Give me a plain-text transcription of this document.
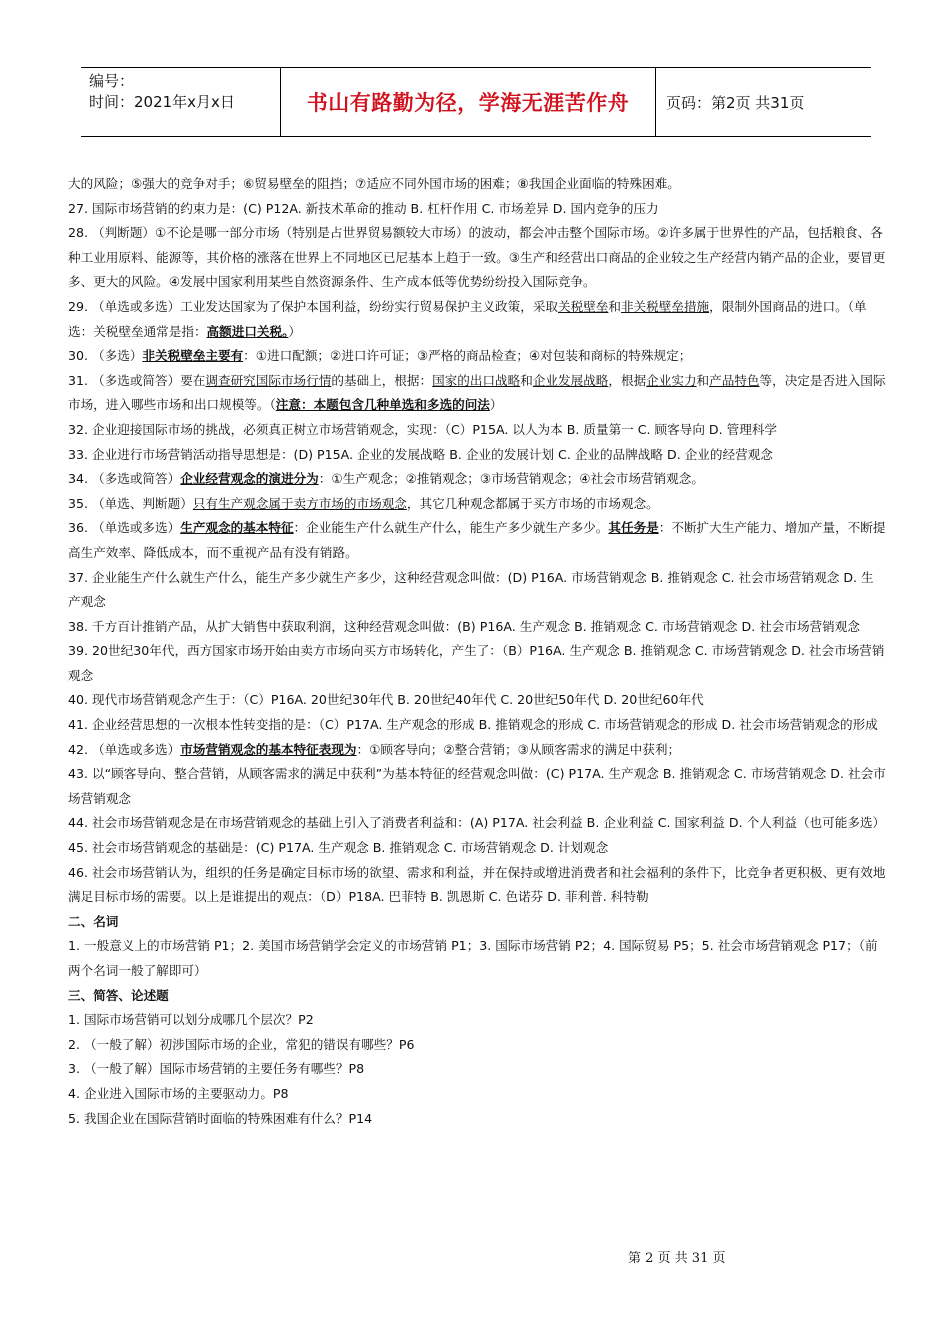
编号：
时间：2021年x月x日	书山有路勤为径，学海无涯苦作舟	页码：第2页 共31页

大的风险；⑤强大的竞争对手；⑥贸易壁垒的阻挡；⑦适应不同外国市场的困难；⑧我国企业面临的特殊困难。

27. 国际市场营销的约束力是：(C) P12A. 新技术革命的推动 B. 杠杆作用 C. 市场差异 D. 国内竞争的压力

28. （判断题）①不论是哪一部分市场（特别是占世界贸易额较大市场）的波动，都会冲击整个国际市场。②许多属于世界性的产品，包括粮食、各种工业用原料、能源等，其价格的涨落在世界上不同地区已尼基本上趋于一致。③生产和经营出口商品的企业较之生产经营内销产品的企业，要冒更多、更大的风险。④发展中国家利用某些自然资源条件、生产成本低等优势纷纷投入国际竞争。

29. （单选或多选）工业发达国家为了保护本国利益，纷纷实行贸易保护主义政策，采取关税壁垒和非关税壁垒措施，限制外国商品的进口。（单选：关税壁垒通常是指：高额进口关税。）

30. （多选）非关税壁垒主要有：①进口配额；②进口许可证；③严格的商品检查；④对包装和商标的特殊规定；

31. （多选或简答）要在调查研究国际市场行情的基础上，根据：国家的出口战略和企业发展战略，根据企业实力和产品特色等，决定是否进入国际市场，进入哪些市场和出口规模等。（注意：本题包含几种单选和多选的问法）

32. 企业迎接国际市场的挑战，必须真正树立市场营销观念，实现：（C）P15A. 以人为本 B. 质量第一 C. 顾客导向 D. 管理科学

33. 企业进行市场营销活动指导思想是：(D) P15A. 企业的发展战略 B. 企业的发展计划 C. 企业的品牌战略 D. 企业的经营观念

34. （多选或简答）企业经营观念的演进分为：①生产观念；②推销观念；③市场营销观念；④社会市场营销观念。

35. （单选、判断题）只有生产观念属于卖方市场的市场观念，其它几种观念都属于买方市场的市场观念。

36. （单选或多选）生产观念的基本特征：企业能生产什么就生产什么，能生产多少就生产多少。其任务是：不断扩大生产能力、增加产量，不断提高生产效率、降低成本，而不重视产品有没有销路。

37. 企业能生产什么就生产什么，能生产多少就生产多少，这种经营观念叫做：(D) P16A. 市场营销观念 B. 推销观念 C. 社会市场营销观念 D. 生产观念

38. 千方百计推销产品，从扩大销售中获取利润，这种经营观念叫做：(B) P16A. 生产观念 B. 推销观念 C. 市场营销观念 D. 社会市场营销观念

39. 20世纪30年代，西方国家市场开始由卖方市场向买方市场转化，产生了：（B）P16A. 生产观念 B. 推销观念 C. 市场营销观念 D. 社会市场营销观念

40. 现代市场营销观念产生于：（C）P16A. 20世纪30年代 B. 20世纪40年代 C. 20世纪50年代 D. 20世纪60年代

41. 企业经营思想的一次根本性转变指的是：（C）P17A. 生产观念的形成 B. 推销观念的形成 C. 市场营销观念的形成 D. 社会市场营销观念的形成

42. （单选或多选）市场营销观念的基本特征表现为：①顾客导向；②整合营销；③从顾客需求的满足中获利；

43. 以“顾客导向、整合营销，从顾客需求的满足中获利”为基本特征的经营观念叫做：(C) P17A. 生产观念 B. 推销观念 C. 市场营销观念 D. 社会市场营销观念

44. 社会市场营销观念是在市场营销观念的基础上引入了消费者利益和：(A) P17A. 社会利益 B. 企业利益 C. 国家利益 D. 个人利益（也可能多选）

45. 社会市场营销观念的基础是：(C) P17A. 生产观念 B. 推销观念 C. 市场营销观念 D. 计划观念

46. 社会市场营销认为，组织的任务是确定目标市场的欲望、需求和利益，并在保持或增进消费者和社会福利的条件下，比竞争者更积极、更有效地满足目标市场的需要。以上是谁提出的观点：（D）P18A. 巴菲特 B. 凯恩斯 C. 色诺芬 D. 菲利普. 科特勒

二、名词

1. 一般意义上的市场营销 P1；2. 美国市场营销学会定义的市场营销 P1；3. 国际市场营销 P2；4. 国际贸易 P5；5. 社会市场营销观念 P17；（前两个名词一般了解即可）

三、简答、论述题

1. 国际市场营销可以划分成哪几个层次？P2

2. （一般了解）初涉国际市场的企业，常犯的错误有哪些？P6

3. （一般了解）国际市场营销的主要任务有哪些？P8

4. 企业进入国际市场的主要驱动力。P8

5. 我国企业在国际营销时面临的特殊困难有什么？P14

第 2 页 共 31 页
